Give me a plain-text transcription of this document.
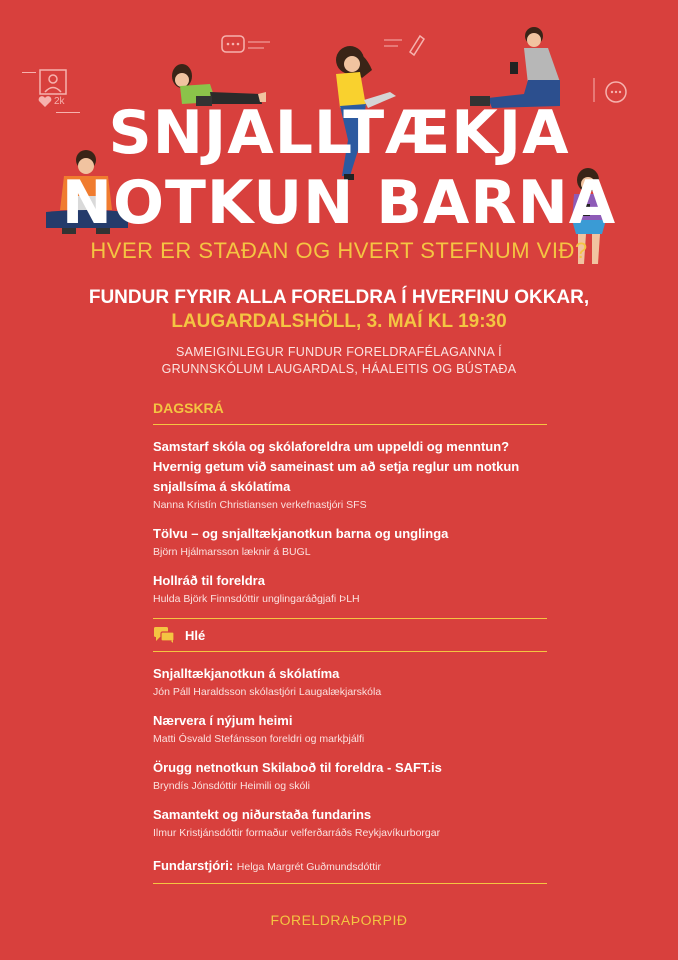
2k SNJALLTÆKJA
NOTKUN BARNA
HVER ER STAÐAN OG HVERT STEFNUM VIÐ?
FUNDUR FYRIR ALLA FORELDRA Í HVERFINU OKKAR,
LAUGARDALSHÖLL, 3. MAÍ KL 19:30
SAMEIGINLEGUR FUNDUR FORELDRAFÉLAGANNA Í
GRUNNSKÓLUM LAUGARDALS, HÁALEITIS OG BÚSTAÐA
DAGSKRÁ
Samstarf skóla og skólaforeldra um uppeldi og menntun?
Hvernig getum við sameinast um að setja reglur um notkun
snjallsíma á skólatíma
Nanna Kristín Christiansen verkefnastjóri SFS
Tölvu – og snjalltækjanotkun barna og unglinga
Björn Hjálmarsson læknir á BUGL
Hollráð til foreldra
Hulda Björk Finnsdóttir unglingaráðgjafi ÞLH
Hlé
Snjalltækjanotkun á skólatíma
Jón Páll Haraldsson skólastjóri Laugalækjarskóla
Nærvera í nýjum heimi
Matti Ósvald Stefánsson foreldri og markþjálfi
Örugg netnotkun Skilaboð til foreldra - SAFT.is
Bryndís Jónsdóttir Heimili og skóli
Samantekt og niðurstaða fundarins
Ilmur Kristjánsdóttir formaður velferðarráðs Reykjavíkurborgar
Fundarstjóri: Helga Margrét Guðmundsdóttir
FORELDRAÞORPIÐ
